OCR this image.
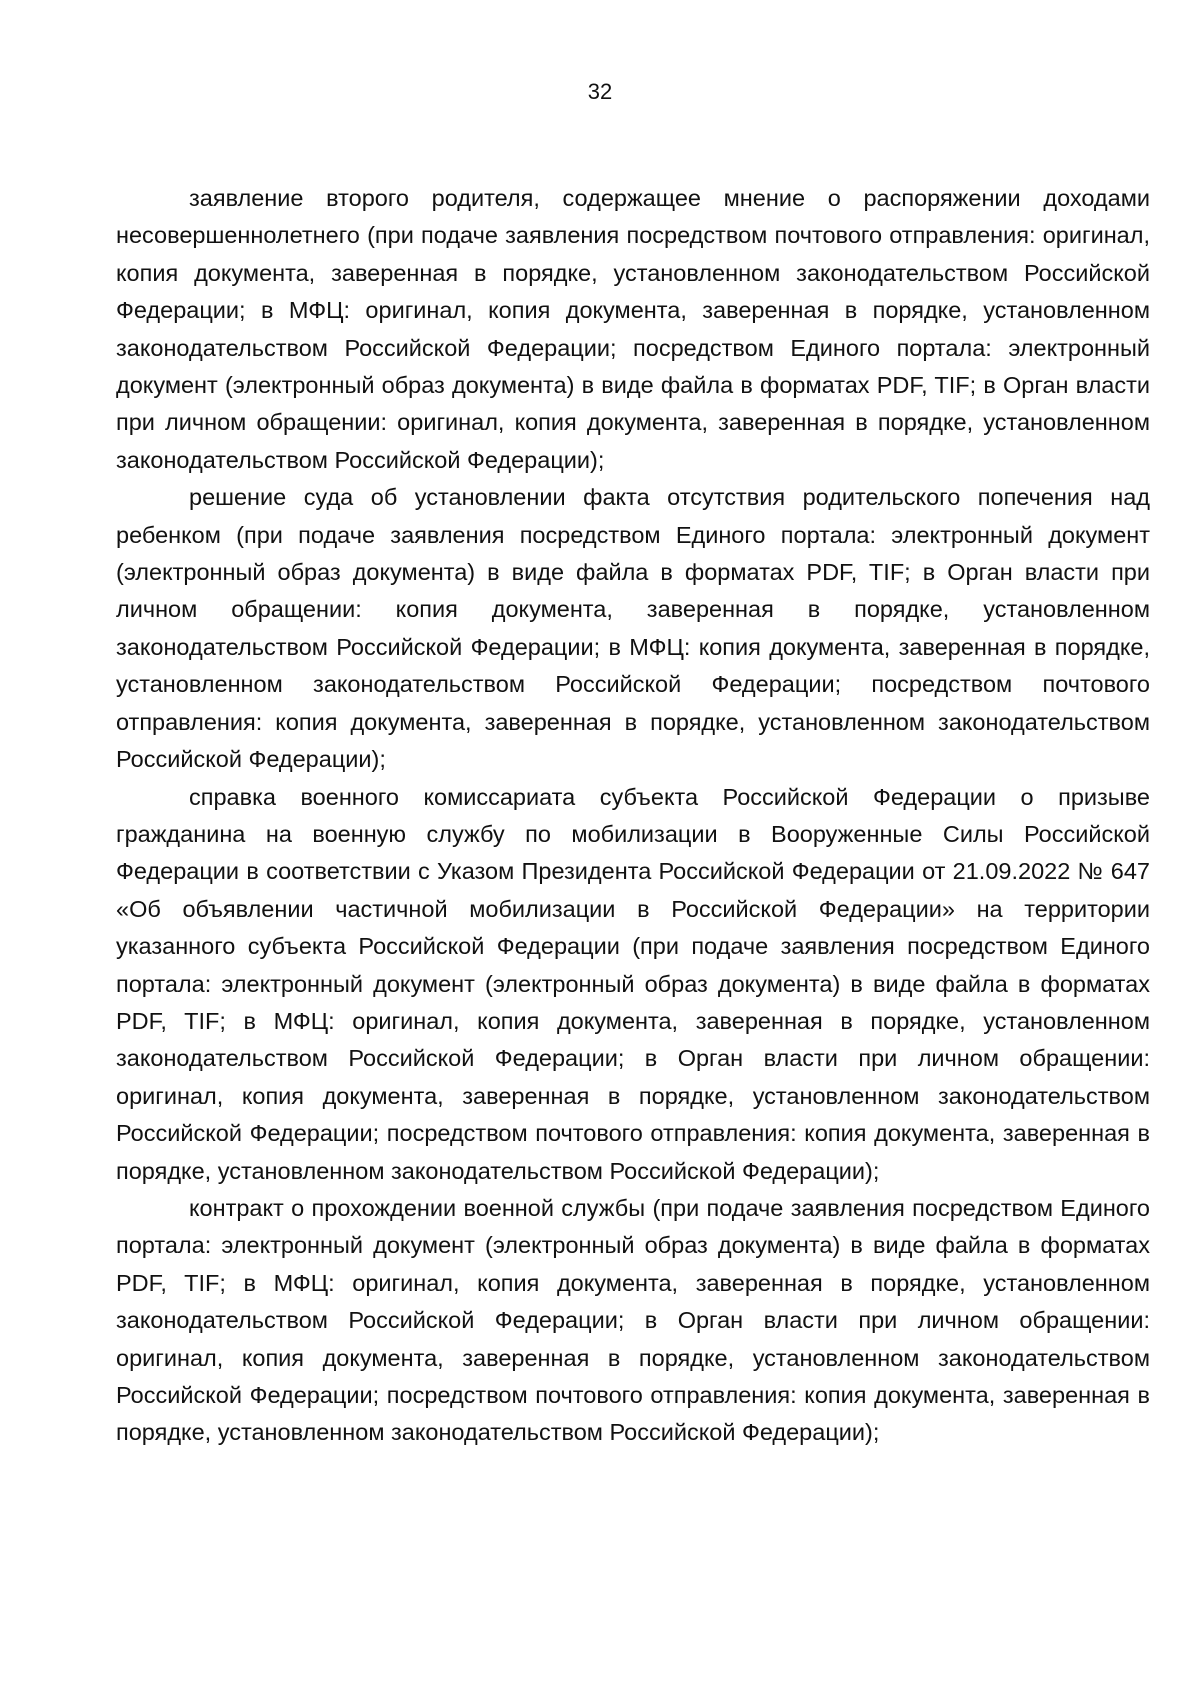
32

заявление второго родителя, содержащее мнение о распоряжении доходами несовершеннолетнего (при подаче заявления посредством почтового отправления: оригинал, копия документа, заверенная в порядке, установленном законодательством Российской Федерации; в МФЦ: оригинал, копия документа, заверенная в порядке, установленном законодательством Российской Федерации; посредством Единого портала: электронный документ (электронный образ документа) в виде файла в форматах PDF, TIF; в Орган власти при личном обращении: оригинал, копия документа, заверенная в порядке, установленном законодательством Российской Федерации);

решение суда об установлении факта отсутствия родительского попечения над ребенком (при подаче заявления посредством Единого портала: электронный документ (электронный образ документа) в виде файла в форматах PDF, TIF; в Орган власти при личном обращении: копия документа, заверенная в порядке, установленном законодательством Российской Федерации; в МФЦ: копия документа, заверенная в порядке, установленном законодательством Российской Федерации; посредством почтового отправления: копия документа, заверенная в порядке, установленном законодательством Российской Федерации);

справка военного комиссариата субъекта Российской Федерации о призыве гражданина на военную службу по мобилизации в Вооруженные Силы Российской Федерации в соответствии с Указом Президента Российской Федерации от 21.09.2022 № 647 «Об объявлении частичной мобилизации в Российской Федерации» на территории указанного субъекта Российской Федерации (при подаче заявления посредством Единого портала: электронный документ (электронный образ документа) в виде файла в форматах PDF, TIF; в МФЦ: оригинал, копия документа, заверенная в порядке, установленном законодательством Российской Федерации; в Орган власти при личном обращении: оригинал, копия документа, заверенная в порядке, установленном законодательством Российской Федерации; посредством почтового отправления: копия документа, заверенная в порядке, установленном законодательством Российской Федерации);

контракт о прохождении военной службы (при подаче заявления посредством Единого портала: электронный документ (электронный образ документа) в виде файла в форматах PDF, TIF; в МФЦ: оригинал, копия документа, заверенная в порядке, установленном законодательством Российской Федерации; в Орган власти при личном обращении: оригинал, копия документа, заверенная в порядке, установленном законодательством Российской Федерации; посредством почтового отправления: копия документа, заверенная в порядке, установленном законодательством Российской Федерации);
